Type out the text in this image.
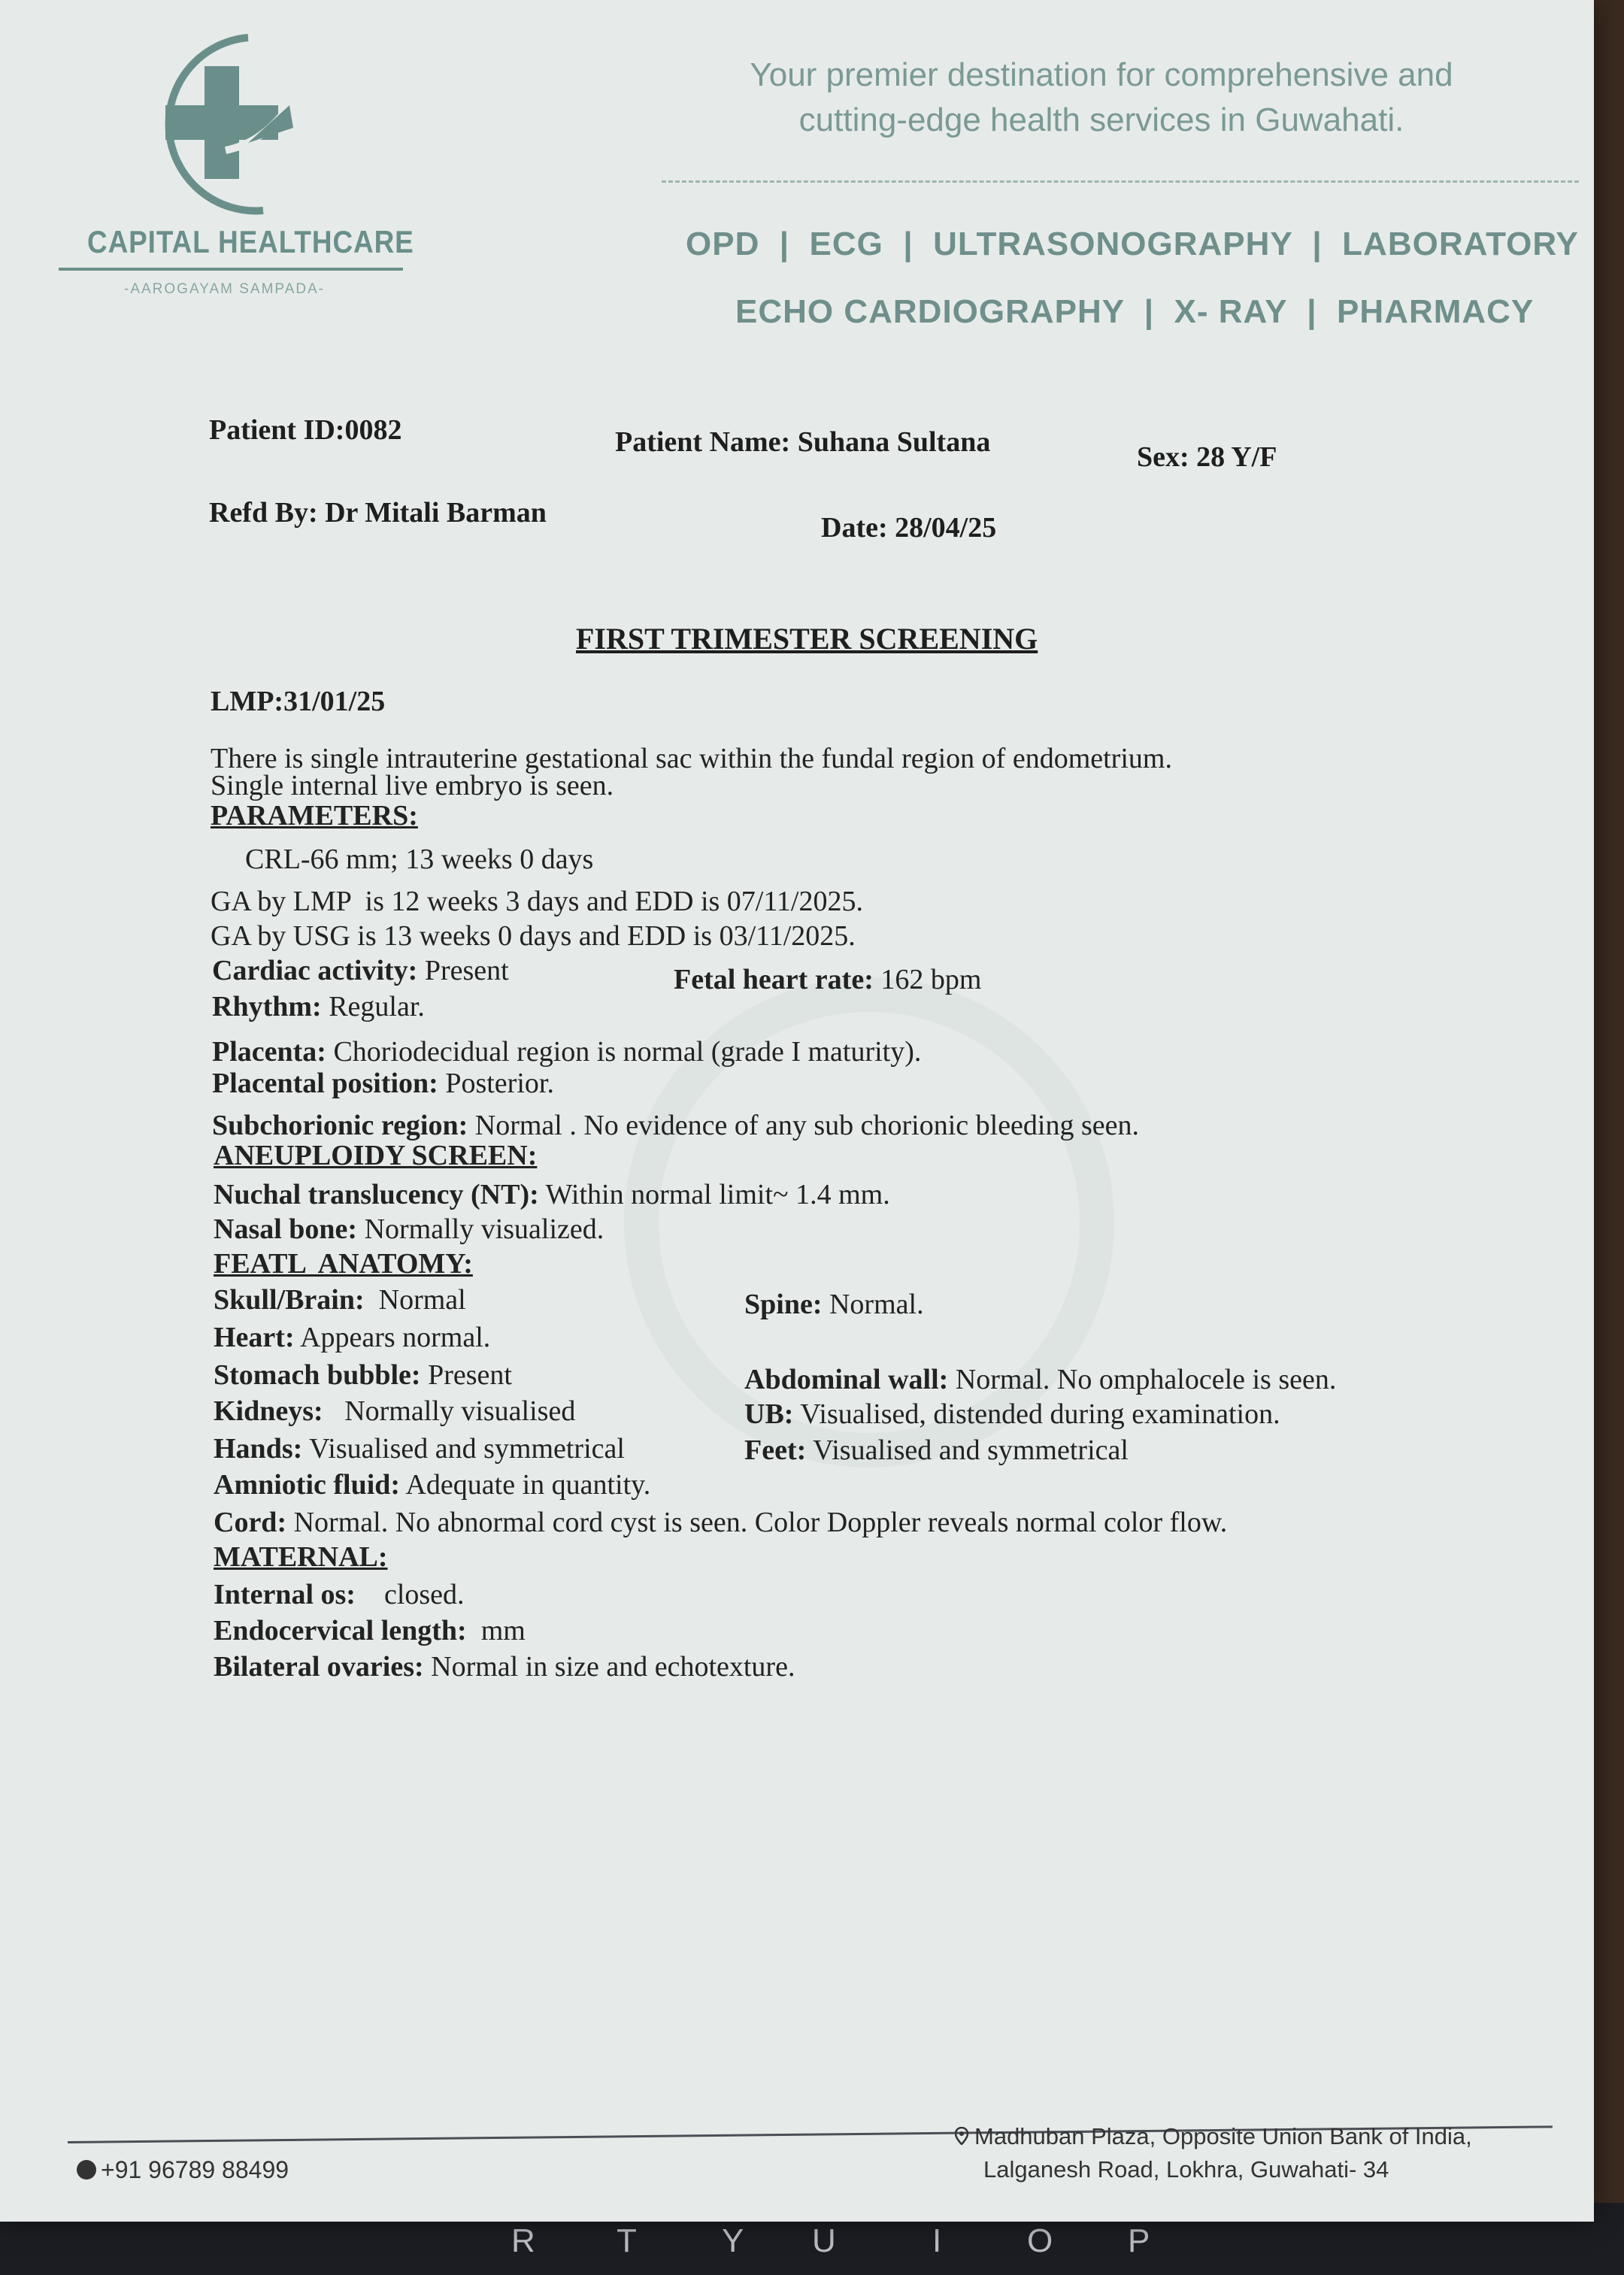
R T	Y U	I	O P
CAPITAL HEALTHCARE
-AAROGAYAM SAMPADA-
Your premier destination for comprehensive and
cutting-edge health services in Guwahati.
OPD  |  ECG  |  ULTRASONOGRAPHY  |  LABORATORY
ECHO CARDIOGRAPHY  |  X- RAY  |  PHARMACY
Patient ID:0082	Patient Name: Suhana Sultana	Sex: 28 Y/F
Refd By: Dr Mitali Barman	Date: 28/04/25
FIRST TRIMESTER SCREENING
LMP:31/01/25
There is single intrauterine gestational sac within the fundal region of endometrium.
Single internal live embryo is seen.
PARAMETERS:
CRL-66 mm; 13 weeks 0 days
GA by LMP  is 12 weeks 3 days and EDD is 07/11/2025.
GA by USG is 13 weeks 0 days and EDD is 03/11/2025.
Cardiac activity: Present	Fetal heart rate: 162 bpm
Rhythm: Regular.
Placenta: Choriodecidual region is normal (grade I maturity).
Placental position: Posterior.
Subchorionic region: Normal . No evidence of any sub chorionic bleeding seen.
ANEUPLOIDY SCREEN:
Nuchal translucency (NT): Within normal limit~ 1.4 mm.
Nasal bone: Normally visualized.
FEATL  ANATOMY:
Skull/Brain:  Normal	Spine: Normal.
Heart: Appears normal.
Stomach bubble: Present	Abdominal wall: Normal. No omphalocele is seen.
Kidneys:   Normally visualised	UB: Visualised, distended during examination.
Hands: Visualised and symmetrical	Feet: Visualised and symmetrical
Amniotic fluid: Adequate in quantity.
Cord: Normal. No abnormal cord cyst is seen. Color Doppler reveals normal color flow.
MATERNAL:
Internal os:    closed.
Endocervical length:  mm
Bilateral ovaries: Normal in size and echotexture.
+91 96789 88499
Madhuban Plaza, Opposite Union Bank of India,
Lalganesh Road, Lokhra, Guwahati- 34
